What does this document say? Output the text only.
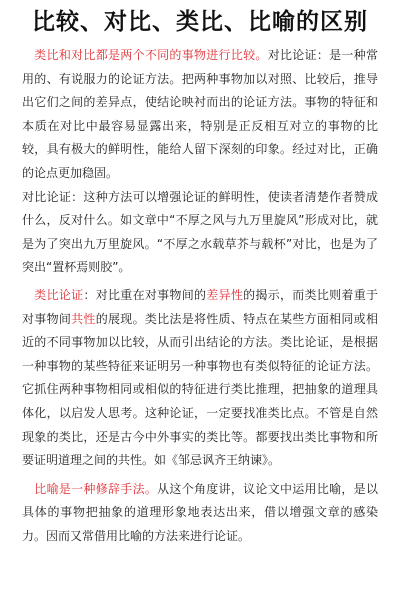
比较、对比、类比、比喻的区别

　类比和对比都是两个不同的事物进行比较。对比论证：是一种常用的、有说服力的论证方法。把两种事物加以对照、比较后，推导出它们之间的差异点，使结论映衬而出的论证方法。事物的特征和本质在对比中最容易显露出来，特别是正反相互对立的事物的比较，具有极大的鲜明性，能给人留下深刻的印象。经过对比，正确的论点更加稳固。

对比论证：这种方法可以增强论证的鲜明性，使读者清楚作者赞成什么，反对什么。如文章中“不厚之风与九万里旋风”形成对比，就是为了突出九万里旋风。“不厚之水载草芥与载杯”对比，也是为了突出“置杯焉则胶”。

　类比论证：对比重在对事物间的差异性的揭示，而类比则着重于对事物间共性的展现。类比法是将性质、特点在某些方面相同或相近的不同事物加以比较，从而引出结论的方法。类比论证，是根据一种事物的某些特征来证明另一种事物也有类似特征的论证方法。它抓住两种事物相同或相似的特征进行类比推理，把抽象的道理具体化，以启发人思考。这种论证，一定要找准类比点。不管是自然现象的类比，还是古今中外事实的类比等。都要找出类比事物和所要证明道理之间的共性。如《邹忌讽齐王纳谏》。

　比喻是一种修辞手法。从这个角度讲，议论文中运用比喻，是以具体的事物把抽象的道理形象地表达出来，借以增强文章的感染力。因而又常借用比喻的方法来进行论证。
